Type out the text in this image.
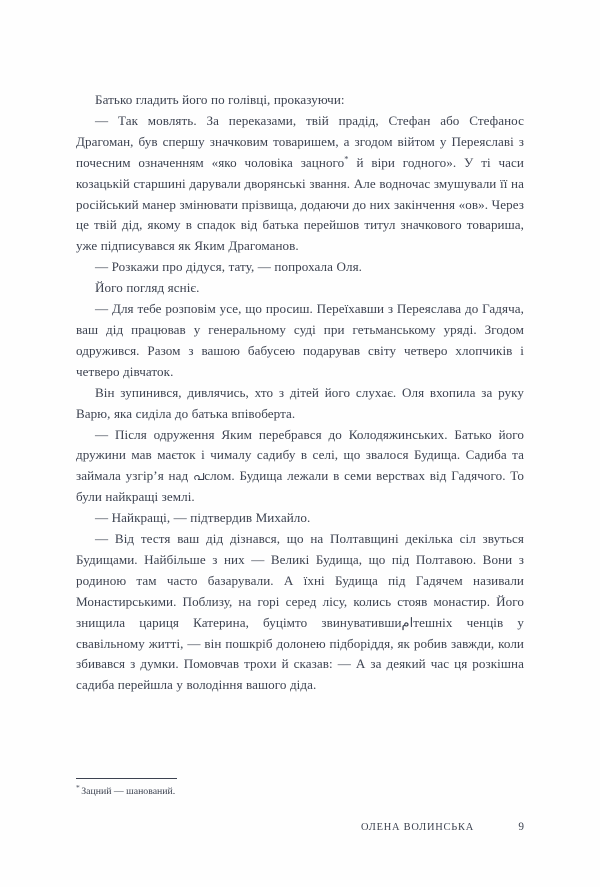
Батько гладить його по голівці, проказуючи:

— Так мовлять. За переказами, твій прадід, Стефан або Стефанос Драгоман, був спершу значковим товаришем, а згодом війтом у Переяславі з почесним означенням «яко чоловіка зацного* й віри годного». У ті часи козацькій старшині дарували дворянські звання. Але водночас змушували її на російський манер змінювати прізвища, додаючи до них закінчення «ов». Через це твій дід, якому в спадок від батька перейшов титул значкового товариша, уже підписувався як Яким Драгоманов.

— Розкажи про дідуся, тату, — попрохала Оля.

Його погляд ясніє.

— Для тебе розповім усе, що просиш. Переїхавши з Переяслава до Гадяча, ваш дід працював у генеральному суді при гетьманському уряді. Згодом одружився. Разом з вашою бабусею подарував світу четверо хлопчиків і четверо дівчаток.

Він зупинився, дивлячись, хто з дітей його слухає. Оля вхопила за руку Варю, яка сиділа до батька впівоберта.

— Після одруження Яким перебрався до Колодяжинських. Батько його дружини мав маєток і чималу садибу в селі, що звалося Будища. Садиба та займала узгір’я над പслом. Будища лежали в семи верствах від Гадячого. То були найкращі землі.

— Найкращі, — підтвердив Михайло.

— Від тестя ваш дід дізнався, що на Полтавщині декілька сіл звуться Будищами. Найбільше з них — Великі Будища, що під Полтавою. Вони з родиною там часто базарували. А їхні Будища під Гадячем називали Монастирськими. Поблизу, на горі серед лісу, колись стояв монастир. Його знищила цариця Катерина, буцімто звинуватившиامтешніх ченців у свавільному житті, — він пошкріб долонею підборіддя, як робив завжди, коли збивався з думки. Помовчав трохи й сказав: — А за деякий час ця розкішна садиба перейшла у володіння вашого діда.

* Зацний — шанований.

ОЛЕНА ВОЛИНСЬКА	9
